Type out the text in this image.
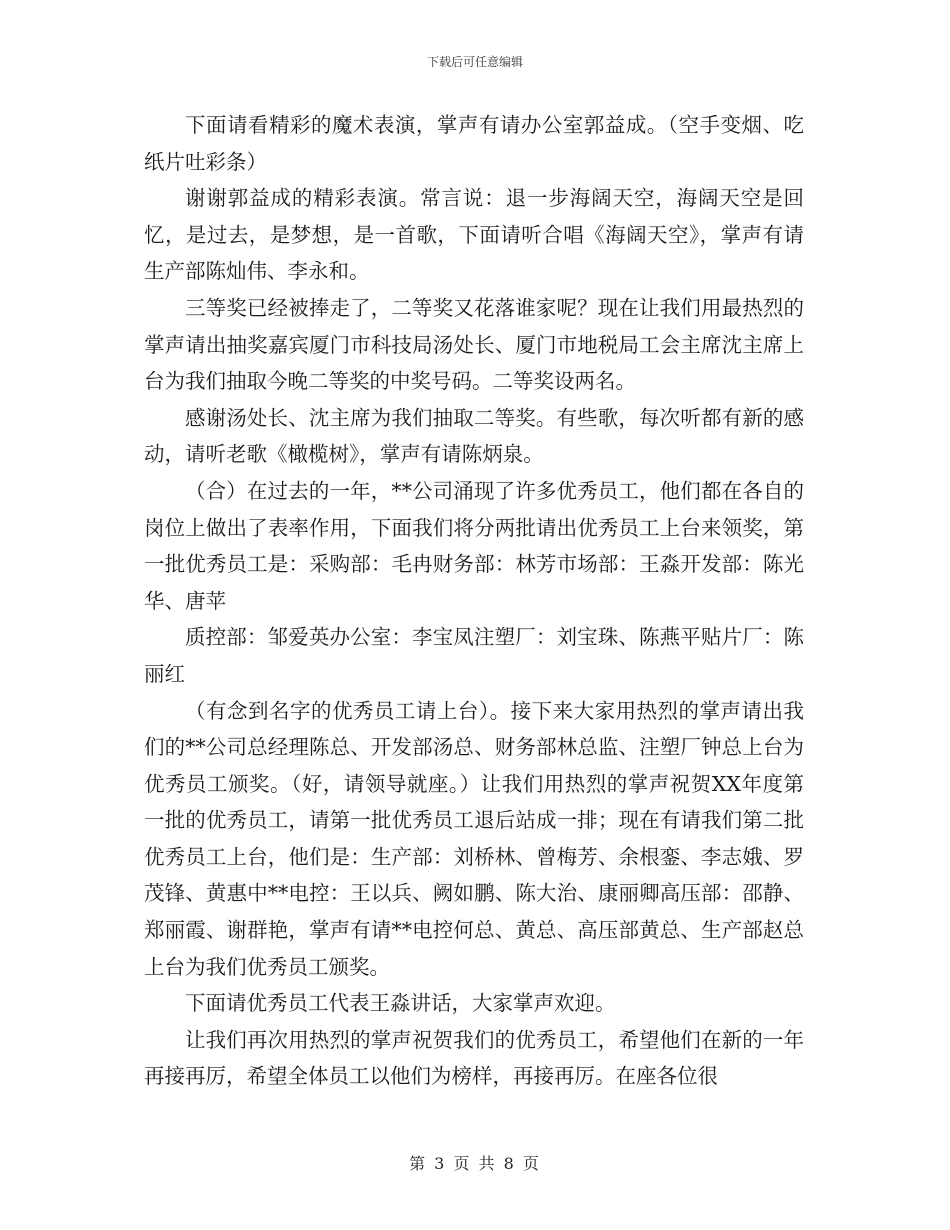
下载后可任意编辑

下面请看精彩的魔术表演，掌声有请办公室郭益成。（空手变烟、吃纸片吐彩条）

谢谢郭益成的精彩表演。常言说：退一步海阔天空，海阔天空是回忆，是过去，是梦想，是一首歌，下面请听合唱《海阔天空》，掌声有请生产部陈灿伟、李永和。

三等奖已经被捧走了，二等奖又花落谁家呢？现在让我们用最热烈的掌声请出抽奖嘉宾厦门市科技局汤处长、厦门市地税局工会主席沈主席上台为我们抽取今晚二等奖的中奖号码。二等奖设两名。

感谢汤处长、沈主席为我们抽取二等奖。有些歌，每次听都有新的感动，请听老歌《橄榄树》，掌声有请陈炳泉。

（合）在过去的一年，**公司涌现了许多优秀员工，他们都在各自的岗位上做出了表率作用，下面我们将分两批请出优秀员工上台来领奖，第一批优秀员工是：采购部：毛冉财务部：林芳市场部：王淼开发部：陈光华、唐苹

质控部：邹爱英办公室：李宝凤注塑厂：刘宝珠、陈燕平贴片厂：陈丽红

（有念到名字的优秀员工请上台）。接下来大家用热烈的掌声请出我们的**公司总经理陈总、开发部汤总、财务部林总监、注塑厂钟总上台为优秀员工颁奖。（好，请领导就座。）让我们用热烈的掌声祝贺XX年度第一批的优秀员工，请第一批优秀员工退后站成一排；现在有请我们第二批优秀员工上台，他们是：生产部：刘桥林、曾梅芳、余根銮、李志娥、罗茂锋、黄惠中**电控：王以兵、阙如鹏、陈大治、康丽卿高压部：邵静、郑丽霞、谢群艳，掌声有请**电控何总、黄总、高压部黄总、生产部赵总上台为我们优秀员工颁奖。

下面请优秀员工代表王淼讲话，大家掌声欢迎。

让我们再次用热烈的掌声祝贺我们的优秀员工，希望他们在新的一年再接再厉，希望全体员工以他们为榜样，再接再厉。在座各位很

第 3 页 共 8 页
